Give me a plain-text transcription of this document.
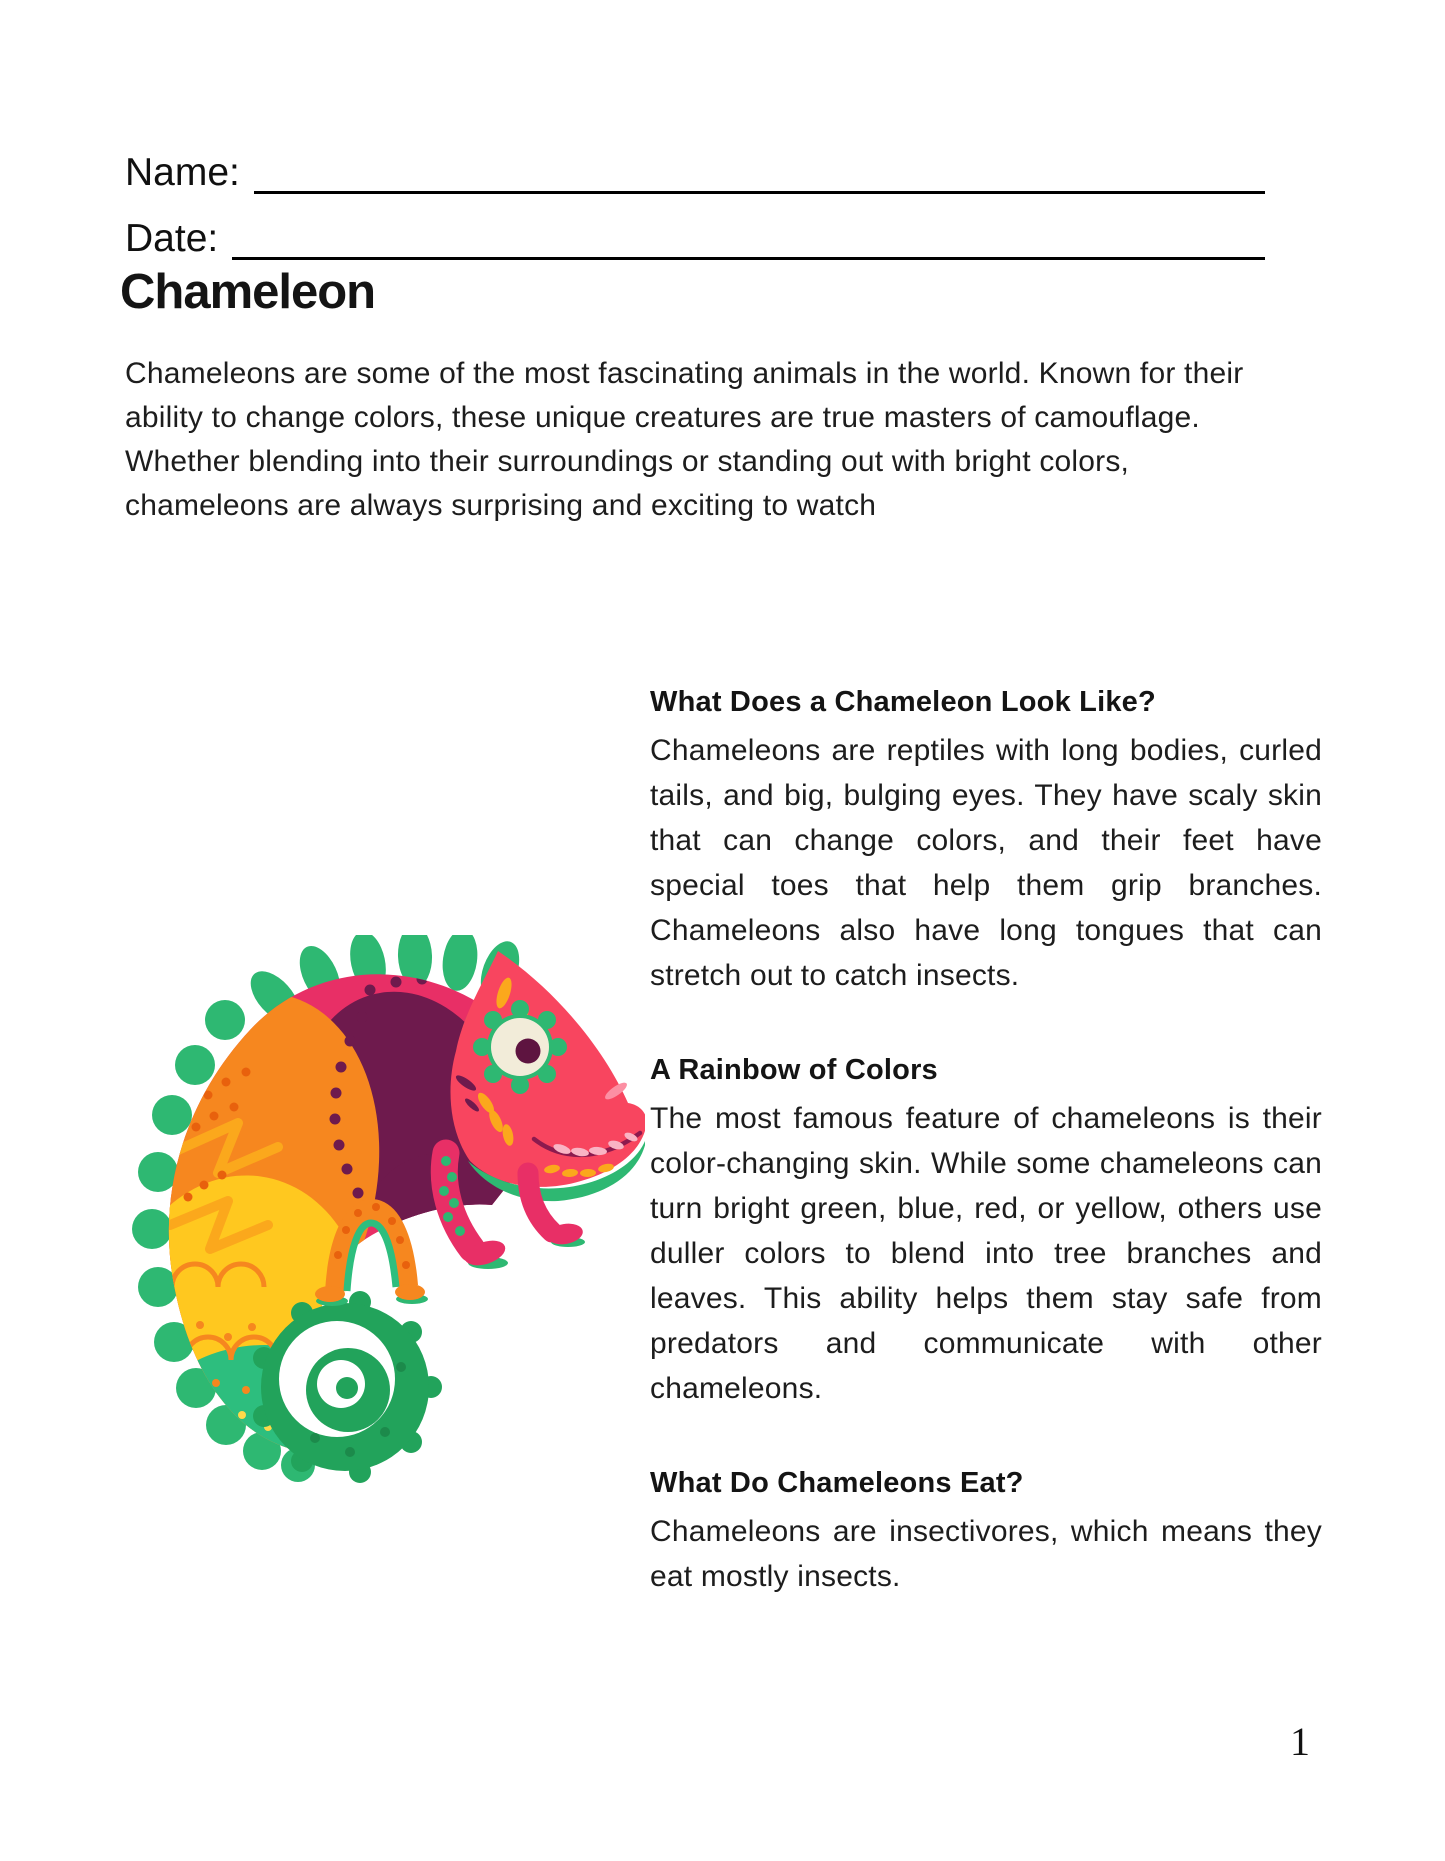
Name:
Date:
Chameleon
Chameleons are some of the most fascinating animals in the world. Known for their ability to change colors, these unique creatures are true masters of camouflage. Whether blending into their surroundings or standing out with bright colors, chameleons are always surprising and exciting to watch
What Does a Chameleon Look Like?

Chameleons are reptiles with long bodies, curled tails, and big, bulging eyes. They have scaly skin that can change colors, and their feet have special toes that help them grip branches. Chameleons also have long tongues that can stretch out to catch insects.

A Rainbow of Colors

The most famous feature of chameleons is their color-changing skin. While some chameleons can turn bright green, blue, red, or yellow, others use duller colors to blend into tree branches and leaves. This ability helps them stay safe from predators and communicate with other chameleons.

What Do Chameleons Eat?

Chameleons are insectivores, which means they eat mostly insects.

1
